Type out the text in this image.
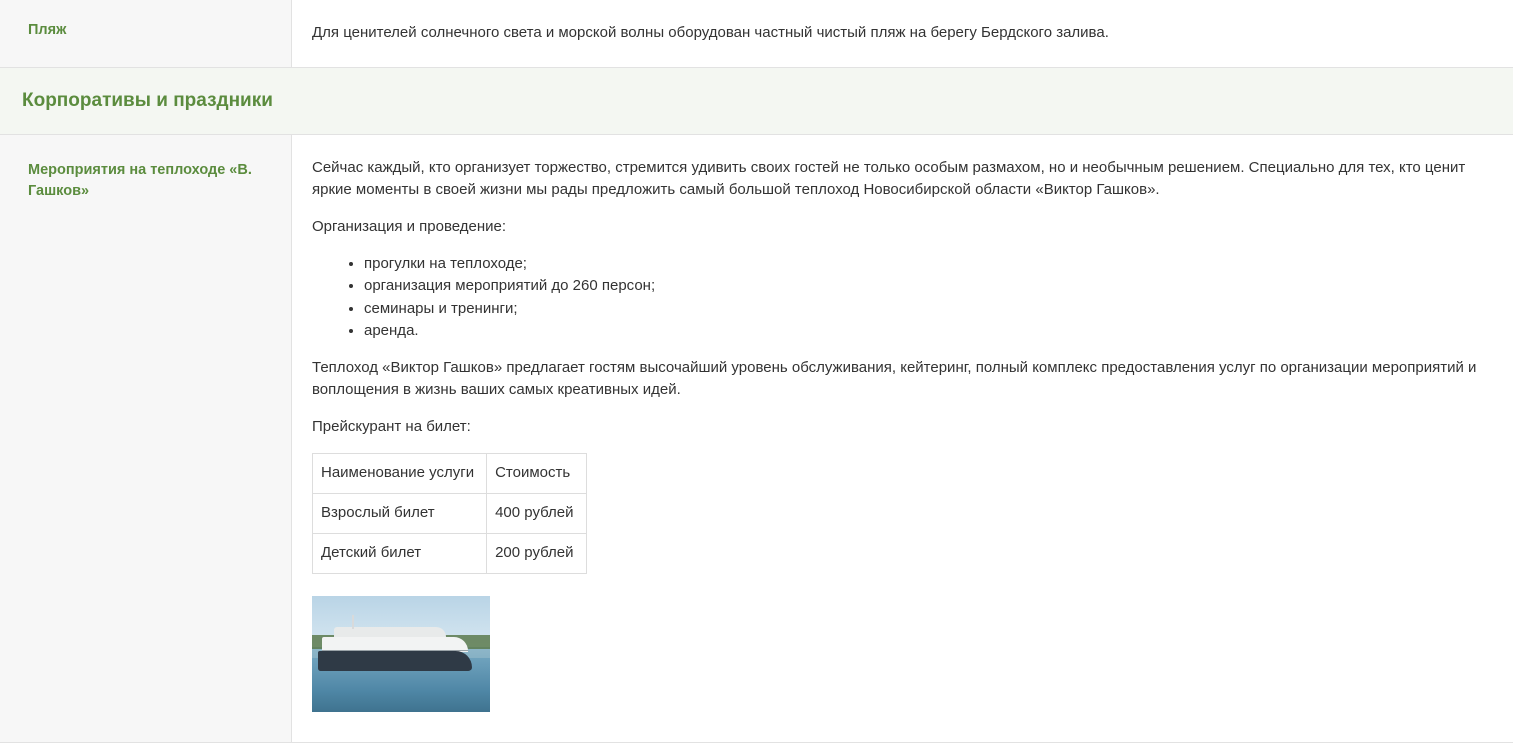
Пляж	Для ценителей солнечного света и морской волны оборудован частный чистый пляж на берегу Бердского залива.

Корпоративы и праздники
Мероприятия на теплоходе «В. Гашков»

Сейчас каждый, кто организует торжество, стремится удивить своих гостей не только особым размахом, но и необычным решением. Специально для тех, кто ценит яркие моменты в своей жизни мы рады предложить самый большой теплоход Новосибирской области «Виктор Гашков».

Организация и проведение:

• прогулки на теплоходе;
• организация мероприятий до 260 персон;
• семинары и тренинги;
• аренда.

Теплоход «Виктор Гашков» предлагает гостям высочайший уровень обслуживания, кейтеринг, полный комплекс предоставления услуг по организации мероприятий и воплощения в жизнь ваших самых креативных идей.

Прейскурант на билет:

Наименование услуги	Стоимость
Взрослый билет	400 рублей
Детский билет	200 рублей
